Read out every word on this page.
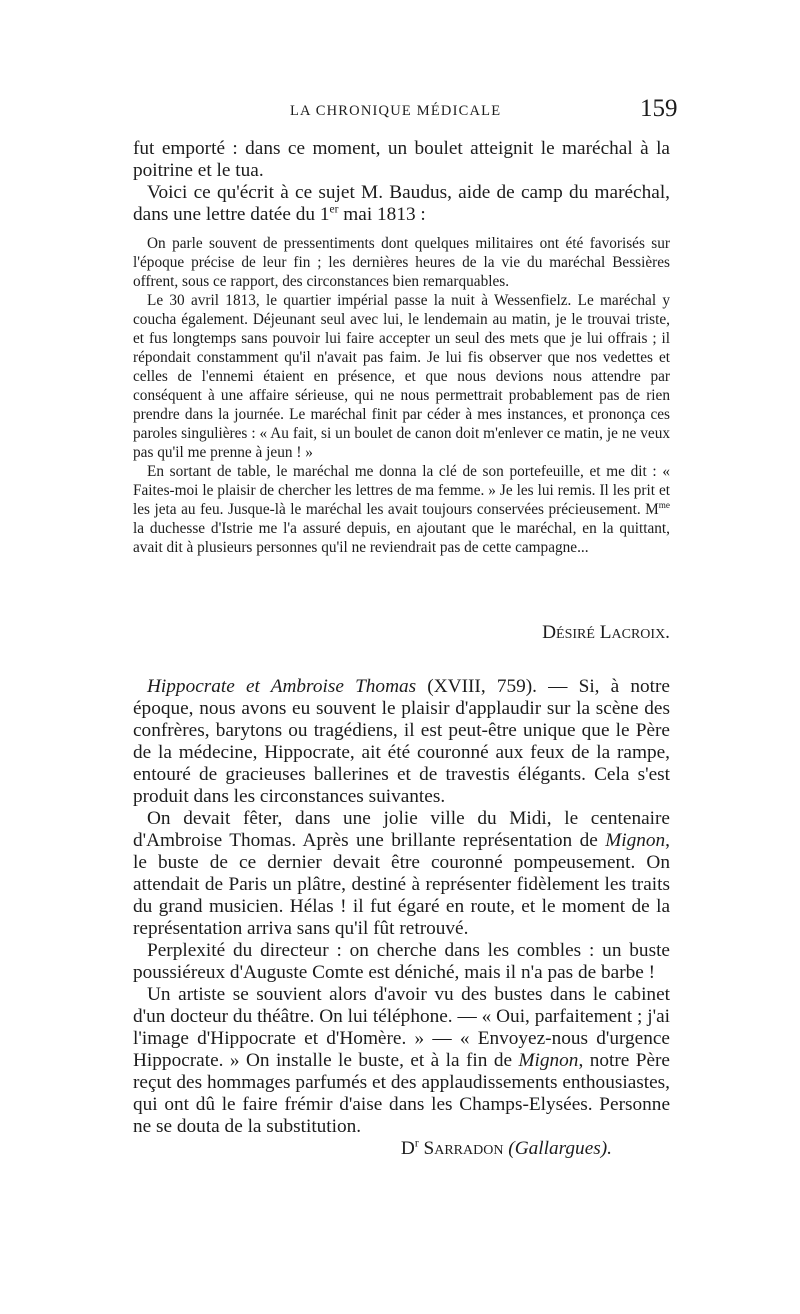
LA CHRONIQUE MÉDICALE	159

fut emporté : dans ce moment, un boulet atteignit le maréchal à la poitrine et le tua.

Voici ce qu'écrit à ce sujet M. Baudus, aide de camp du maréchal, dans une lettre datée du 1er mai 1813 :

On parle souvent de pressentiments dont quelques militaires ont été favorisés sur l'époque précise de leur fin ; les dernières heures de la vie du maréchal Bessières offrent, sous ce rapport, des circonstances bien remarquables.

Le 30 avril 1813, le quartier impérial passe la nuit à Wessenfielz. Le maréchal y coucha également. Déjeunant seul avec lui, le lendemain au matin, je le trouvai triste, et fus longtemps sans pouvoir lui faire accepter un seul des mets que je lui offrais ; il répondait constamment qu'il n'avait pas faim. Je lui fis observer que nos vedettes et celles de l'ennemi étaient en présence, et que nous devions nous attendre par conséquent à une affaire sérieuse, qui ne nous permettrait probablement pas de rien prendre dans la journée. Le maréchal finit par céder à mes instances, et prononça ces paroles singulières : « Au fait, si un boulet de canon doit m'enlever ce matin, je ne veux pas qu'il me prenne à jeun ! »

En sortant de table, le maréchal me donna la clé de son portefeuille, et me dit : « Faites-moi le plaisir de chercher les lettres de ma femme. » Je les lui remis. Il les prit et les jeta au feu. Jusque-là le maréchal les avait toujours conservées précieusement. $M^{me}$ la duchesse d'Istrie me l'a assuré depuis, en ajoutant que le maréchal, en la quittant, avait dit à plusieurs personnes qu'il ne reviendrait pas de cette campagne...

Désiré Lacroix.

Hippocrate et Ambroise Thomas (XVIII, 759). — Si, à notre époque, nous avons eu souvent le plaisir d'applaudir sur la scène des confrères, barytons ou tragédiens, il est peut-être unique que le Père de la médecine, Hippocrate, ait été couronné aux feux de la rampe, entouré de gracieuses ballerines et de travestis élégants. Cela s'est produit dans les circonstances suivantes.

On devait fêter, dans une jolie ville du Midi, le centenaire d'Ambroise Thomas. Après une brillante représentation de Mignon, le buste de ce dernier devait être couronné pompeusement. On attendait de Paris un plâtre, destiné à représenter fidèlement les traits du grand musicien. Hélas ! il fut égaré en route, et le moment de la représentation arriva sans qu'il fût retrouvé.

Perplexité du directeur : on cherche dans les combles : un buste poussiéreux d'Auguste Comte est déniché, mais il n'a pas de barbe !

Un artiste se souvient alors d'avoir vu des bustes dans le cabinet d'un docteur du théâtre. On lui téléphone. — « Oui, parfaitement ; j'ai l'image d'Hippocrate et d'Homère. » — « Envoyez-nous d'urgence Hippocrate. » On installe le buste, et à la fin de Mignon, notre Père reçut des hommages parfumés et des applaudissements enthousiastes, qui ont dû le faire frémir d'aise dans les Champs-Elysées. Personne ne se douta de la substitution.

$D^r$ Sarradon (Gallargues).
